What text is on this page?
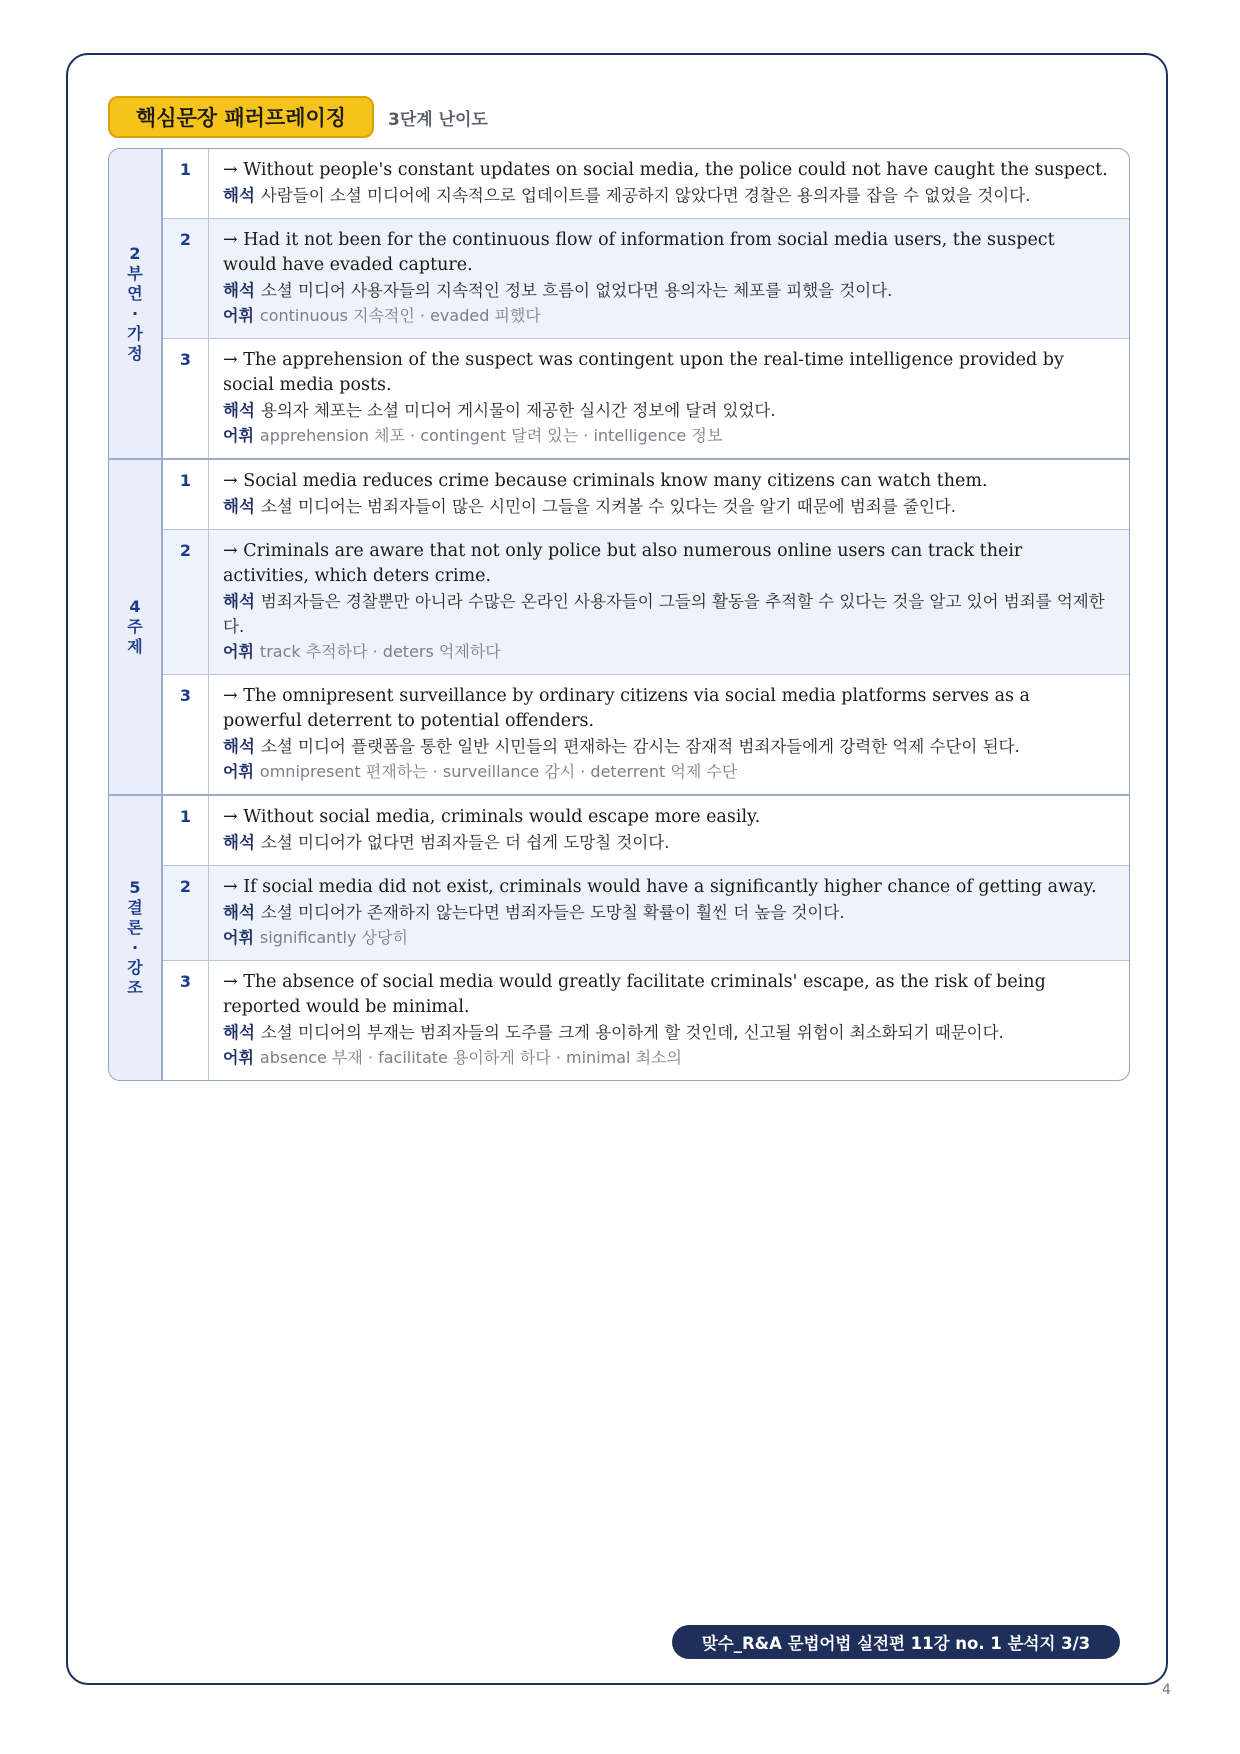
핵심문장 패러프레이징	3단계 난이도
2부연·가정
1	→ Without people's constant updates on social media, the police could not have caught the suspect.
해석 사람들이 소셜 미디어에 지속적으로 업데이트를 제공하지 않았다면 경찰은 용의자를 잡을 수 없었을 것이다.
2	→ Had it not been for the continuous flow of information from social media users, the suspect would have evaded capture.
해석 소셜 미디어 사용자들의 지속적인 정보 흐름이 없었다면 용의자는 체포를 피했을 것이다.
어휘 continuous 지속적인 · evaded 피했다
3	→ The apprehension of the suspect was contingent upon the real-time intelligence provided by social media posts.
해석 용의자 체포는 소셜 미디어 게시물이 제공한 실시간 정보에 달려 있었다.
어휘 apprehension 체포 · contingent 달려 있는 · intelligence 정보
4주제
1	→ Social media reduces crime because criminals know many citizens can watch them.
해석 소셜 미디어는 범죄자들이 많은 시민이 그들을 지켜볼 수 있다는 것을 알기 때문에 범죄를 줄인다.
2	→ Criminals are aware that not only police but also numerous online users can track their activities, which deters crime.
해석 범죄자들은 경찰뿐만 아니라 수많은 온라인 사용자들이 그들의 활동을 추적할 수 있다는 것을 알고 있어 범죄를 억제한다.
어휘 track 추적하다 · deters 억제하다
3	→ The omnipresent surveillance by ordinary citizens via social media platforms serves as a powerful deterrent to potential offenders.
해석 소셜 미디어 플랫폼을 통한 일반 시민들의 편재하는 감시는 잠재적 범죄자들에게 강력한 억제 수단이 된다.
어휘 omnipresent 편재하는 · surveillance 감시 · deterrent 억제 수단
5결론·강조
1	→ Without social media, criminals would escape more easily.
해석 소셜 미디어가 없다면 범죄자들은 더 쉽게 도망칠 것이다.
2	→ If social media did not exist, criminals would have a significantly higher chance of getting away.
해석 소셜 미디어가 존재하지 않는다면 범죄자들은 도망칠 확률이 훨씬 더 높을 것이다.
어휘 significantly 상당히
3	→ The absence of social media would greatly facilitate criminals' escape, as the risk of being reported would be minimal.
해석 소셜 미디어의 부재는 범죄자들의 도주를 크게 용이하게 할 것인데, 신고될 위험이 최소화되기 때문이다.
어휘 absence 부재 · facilitate 용이하게 하다 · minimal 최소의
맞수_R&A 문법어법 실전편 11강 no. 1 분석지 3/3
4
